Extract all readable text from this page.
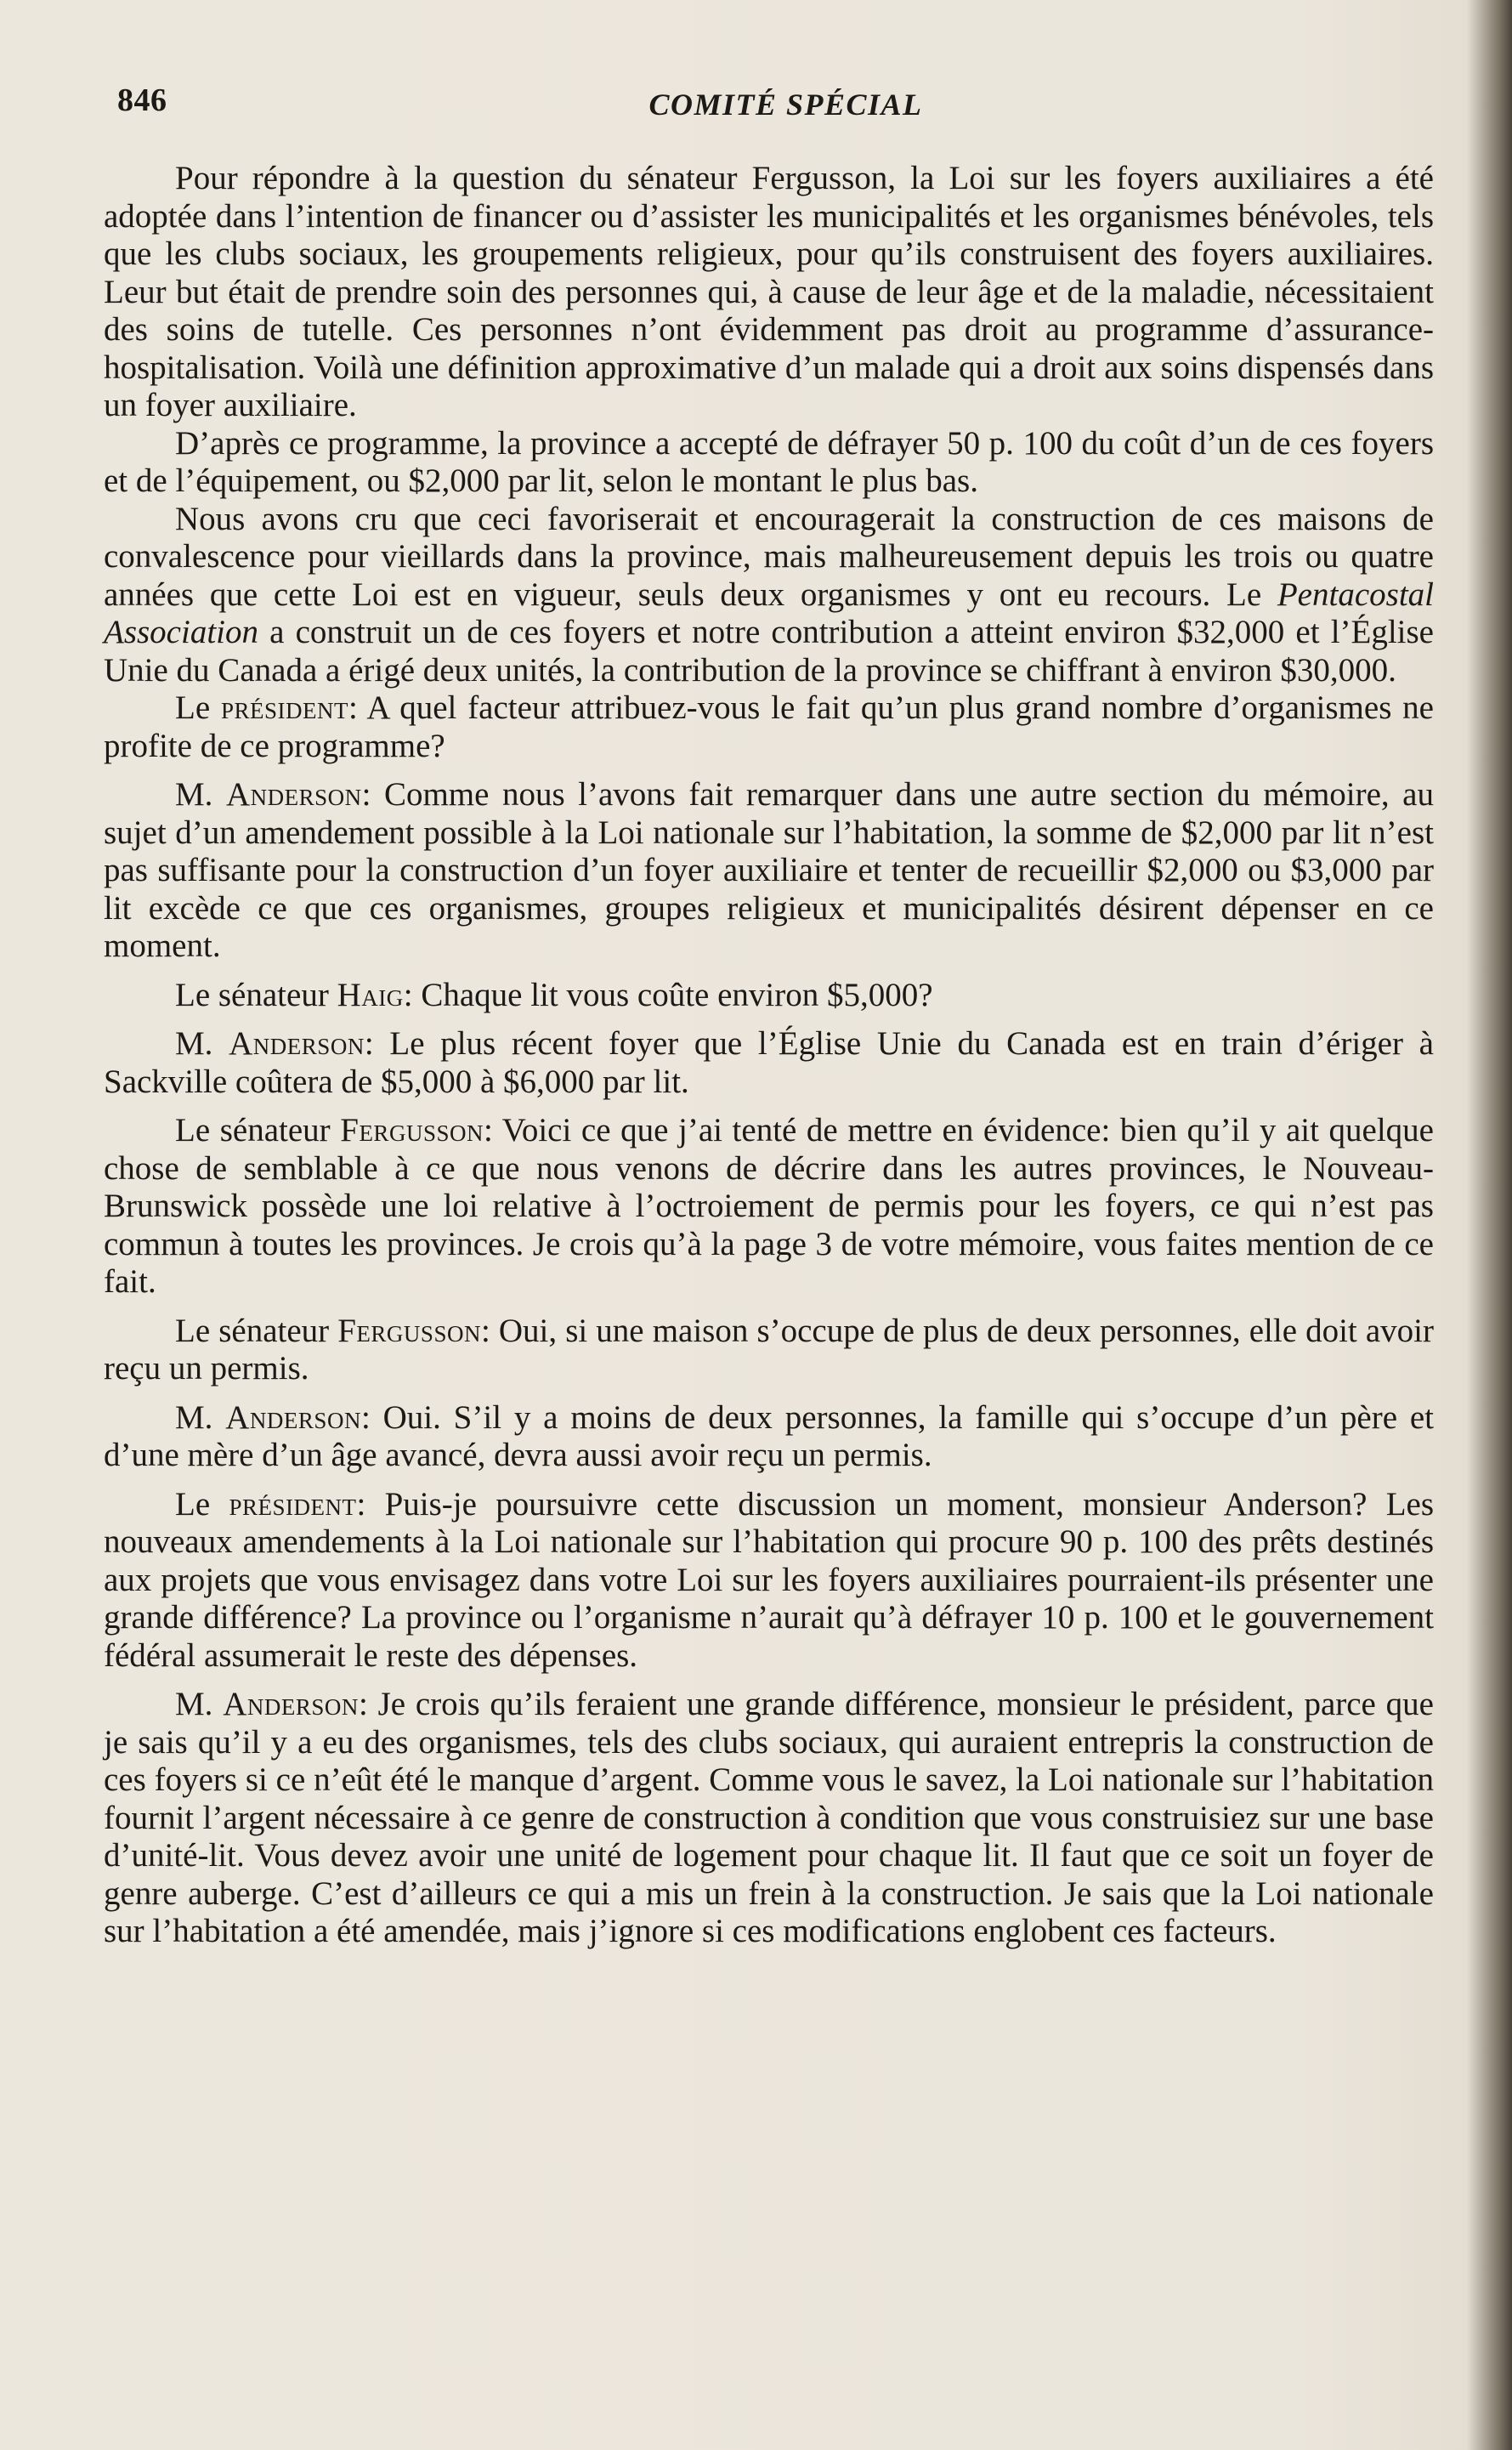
846	COMITÉ SPÉCIAL

Pour répondre à la question du sénateur Fergusson, la Loi sur les foyers auxiliaires a été adoptée dans l’intention de financer ou d’assister les municipalités et les organismes bénévoles, tels que les clubs sociaux, les groupements religieux, pour qu’ils construisent des foyers auxiliaires. Leur but était de prendre soin des personnes qui, à cause de leur âge et de la maladie, nécessitaient des soins de tutelle. Ces personnes n’ont évidemment pas droit au programme d’assurance-hospitalisation. Voilà une définition approximative d’un malade qui a droit aux soins dispensés dans un foyer auxiliaire.

D’après ce programme, la province a accepté de défrayer 50 p. 100 du coût d’un de ces foyers et de l’équipement, ou $2,000 par lit, selon le montant le plus bas.

Nous avons cru que ceci favoriserait et encouragerait la construction de ces maisons de convalescence pour vieillards dans la province, mais malheureusement depuis les trois ou quatre années que cette Loi est en vigueur, seuls deux organismes y ont eu recours. Le Pentacostal Association a construit un de ces foyers et notre contribution a atteint environ $32,000 et l’Église Unie du Canada a érigé deux unités, la contribution de la province se chiffrant à environ $30,000.

Le président: A quel facteur attribuez-vous le fait qu’un plus grand nombre d’organismes ne profite de ce programme?

M. Anderson: Comme nous l’avons fait remarquer dans une autre section du mémoire, au sujet d’un amendement possible à la Loi nationale sur l’habitation, la somme de $2,000 par lit n’est pas suffisante pour la construction d’un foyer auxiliaire et tenter de recueillir $2,000 ou $3,000 par lit excède ce que ces organismes, groupes religieux et municipalités désirent dépenser en ce moment.

Le sénateur Haig: Chaque lit vous coûte environ $5,000?

M. Anderson: Le plus récent foyer que l’Église Unie du Canada est en train d’ériger à Sackville coûtera de $5,000 à $6,000 par lit.

Le sénateur Fergusson: Voici ce que j’ai tenté de mettre en évidence: bien qu’il y ait quelque chose de semblable à ce que nous venons de décrire dans les autres provinces, le Nouveau-Brunswick possède une loi relative à l’octroiement de permis pour les foyers, ce qui n’est pas commun à toutes les provinces. Je crois qu’à la page 3 de votre mémoire, vous faites mention de ce fait.

Le sénateur Fergusson: Oui, si une maison s’occupe de plus de deux personnes, elle doit avoir reçu un permis.

M. Anderson: Oui. S’il y a moins de deux personnes, la famille qui s’occupe d’un père et d’une mère d’un âge avancé, devra aussi avoir reçu un permis.

Le président: Puis-je poursuivre cette discussion un moment, monsieur Anderson? Les nouveaux amendements à la Loi nationale sur l’habitation qui procure 90 p. 100 des prêts destinés aux projets que vous envisagez dans votre Loi sur les foyers auxiliaires pourraient-ils présenter une grande différence? La province ou l’organisme n’aurait qu’à défrayer 10 p. 100 et le gouvernement fédéral assumerait le reste des dépenses.

M. Anderson: Je crois qu’ils feraient une grande différence, monsieur le président, parce que je sais qu’il y a eu des organismes, tels des clubs sociaux, qui auraient entrepris la construction de ces foyers si ce n’eût été le manque d’argent. Comme vous le savez, la Loi nationale sur l’habitation fournit l’argent nécessaire à ce genre de construction à condition que vous construisiez sur une base d’unité-lit. Vous devez avoir une unité de logement pour chaque lit. Il faut que ce soit un foyer de genre auberge. C’est d’ailleurs ce qui a mis un frein à la construction. Je sais que la Loi nationale sur l’habitation a été amendée, mais j’ignore si ces modifications englobent ces facteurs.
